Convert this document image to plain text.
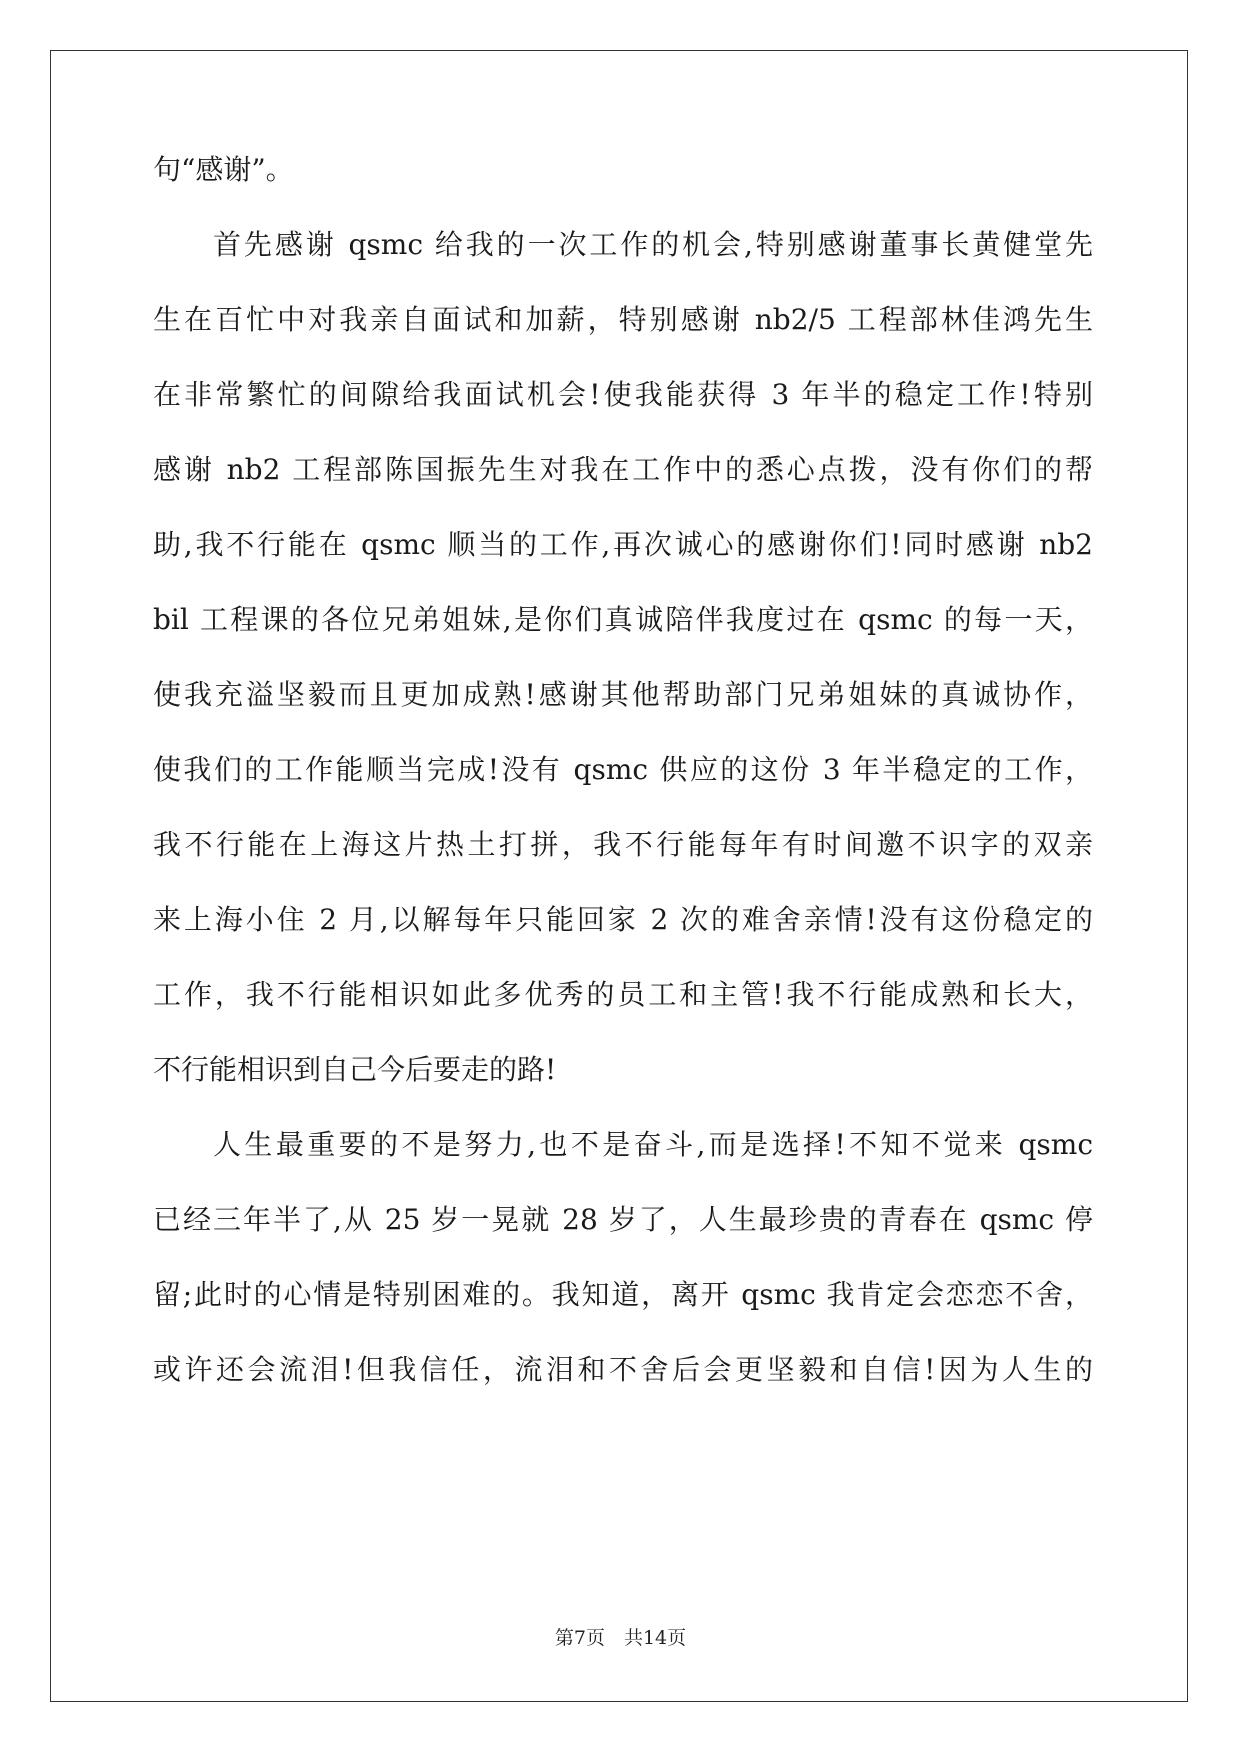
句“感谢”。
首先感谢 qsmc 给我的一次工作的机会,特别感谢董事长黄健堂先
生在百忙中对我亲自面试和加薪，特别感谢 nb2/5 工程部林佳鸿先生
在非常繁忙的间隙给我面试机会!使我能获得 3 年半的稳定工作!特别
感谢 nb2 工程部陈国振先生对我在工作中的悉心点拨，没有你们的帮
助,我不行能在 qsmc 顺当的工作,再次诚心的感谢你们!同时感谢 nb2
bil 工程课的各位兄弟姐妹,是你们真诚陪伴我度过在 qsmc 的每一天，
使我充溢坚毅而且更加成熟!感谢其他帮助部门兄弟姐妹的真诚协作，
使我们的工作能顺当完成!没有 qsmc 供应的这份 3 年半稳定的工作，
我不行能在上海这片热土打拼，我不行能每年有时间邀不识字的双亲
来上海小住 2 月,以解每年只能回家 2 次的难舍亲情!没有这份稳定的
工作，我不行能相识如此多优秀的员工和主管!我不行能成熟和长大，
不行能相识到自己今后要走的路!
人生最重要的不是努力,也不是奋斗,而是选择!不知不觉来 qsmc
已经三年半了,从 25 岁一晃就 28 岁了，人生最珍贵的青春在 qsmc 停
留;此时的心情是特别困难的。我知道，离开 qsmc 我肯定会恋恋不舍，
或许还会流泪!但我信任，流泪和不舍后会更坚毅和自信!因为人生的
第7页　共14页
